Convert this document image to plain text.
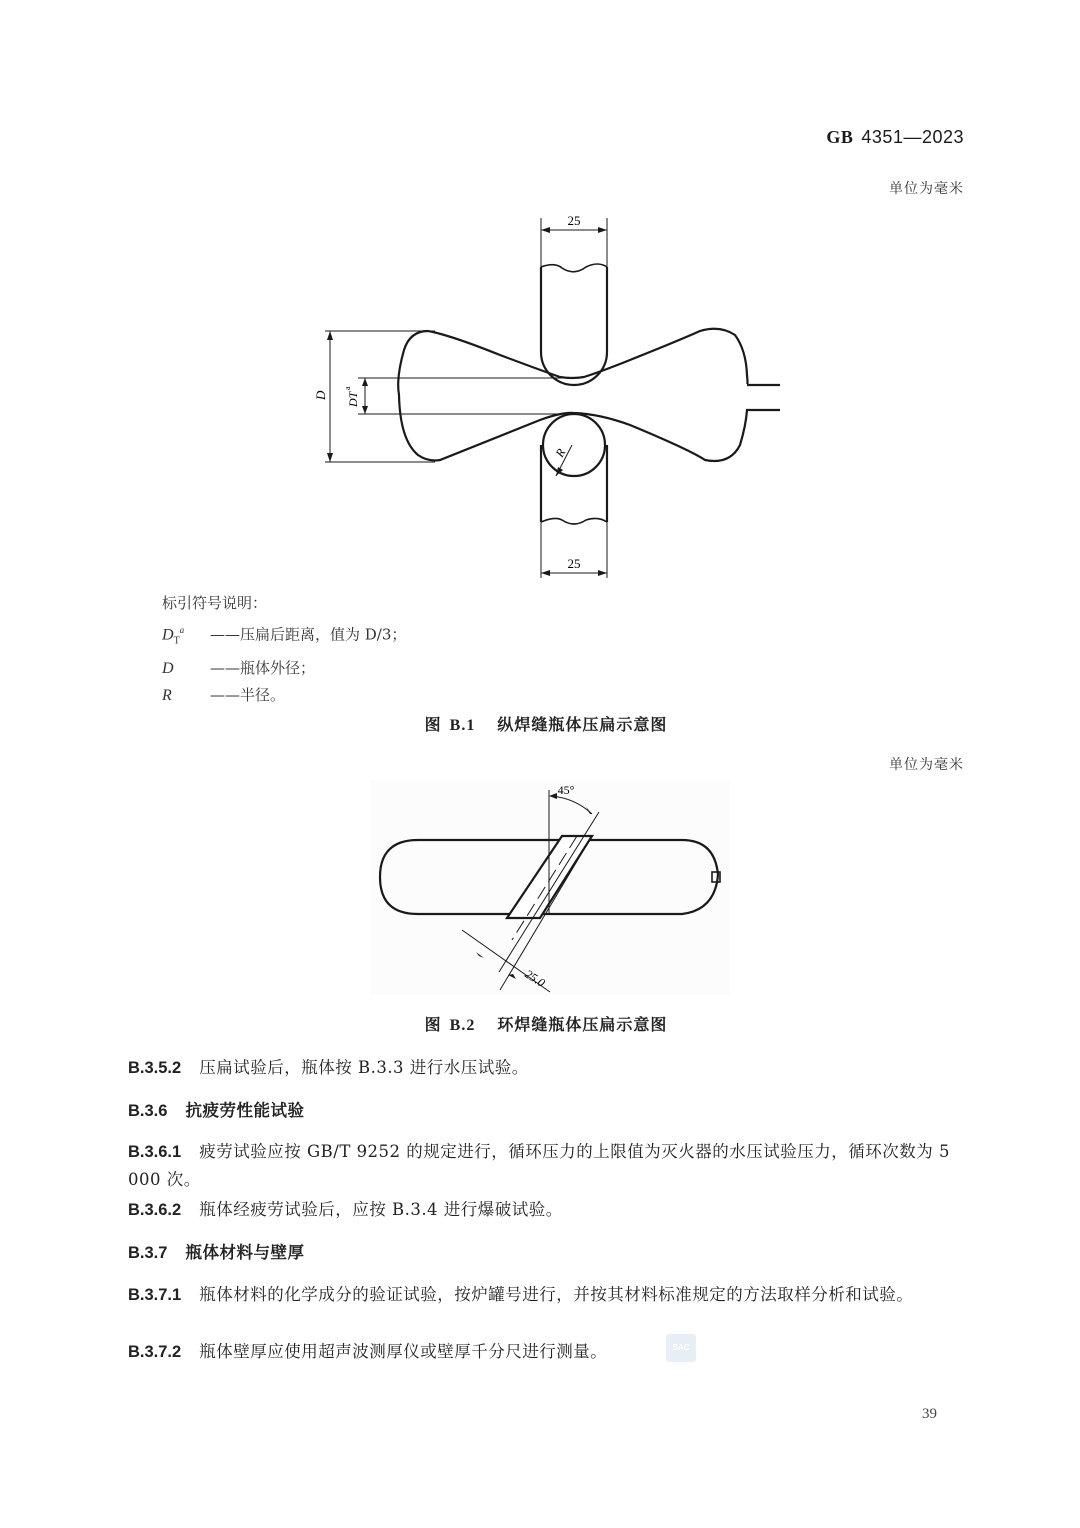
GB 4351—2023
单位为毫米
25
25
D DT
a
R
标引符号说明：
$D_T^a$ ——压扁后距离，值为 D/3；
D ——瓶体外径；
R	——半径。
图 B.1 纵焊缝瓶体压扁示意图
单位为毫米
45°
25.0
图 B.2 环焊缝瓶体压扁示意图
B.3.5.2 压扁试验后，瓶体按 B.3.3 进行水压试验。
B.3.6 抗疲劳性能试验
B.3.6.1 疲劳试验应按 GB/T 9252 的规定进行，循环压力的上限值为灭火器的水压试验压力，循环次数为 5 000 次。
B.3.6.2 瓶体经疲劳试验后，应按 B.3.4 进行爆破试验。
B.3.7 瓶体材料与壁厚
B.3.7.1 瓶体材料的化学成分的验证试验，按炉罐号进行，并按其材料标准规定的方法取样分析和试验。
B.3.7.2 瓶体壁厚应使用超声波测厚仪或壁厚千分尺进行测量。	SAC
39
